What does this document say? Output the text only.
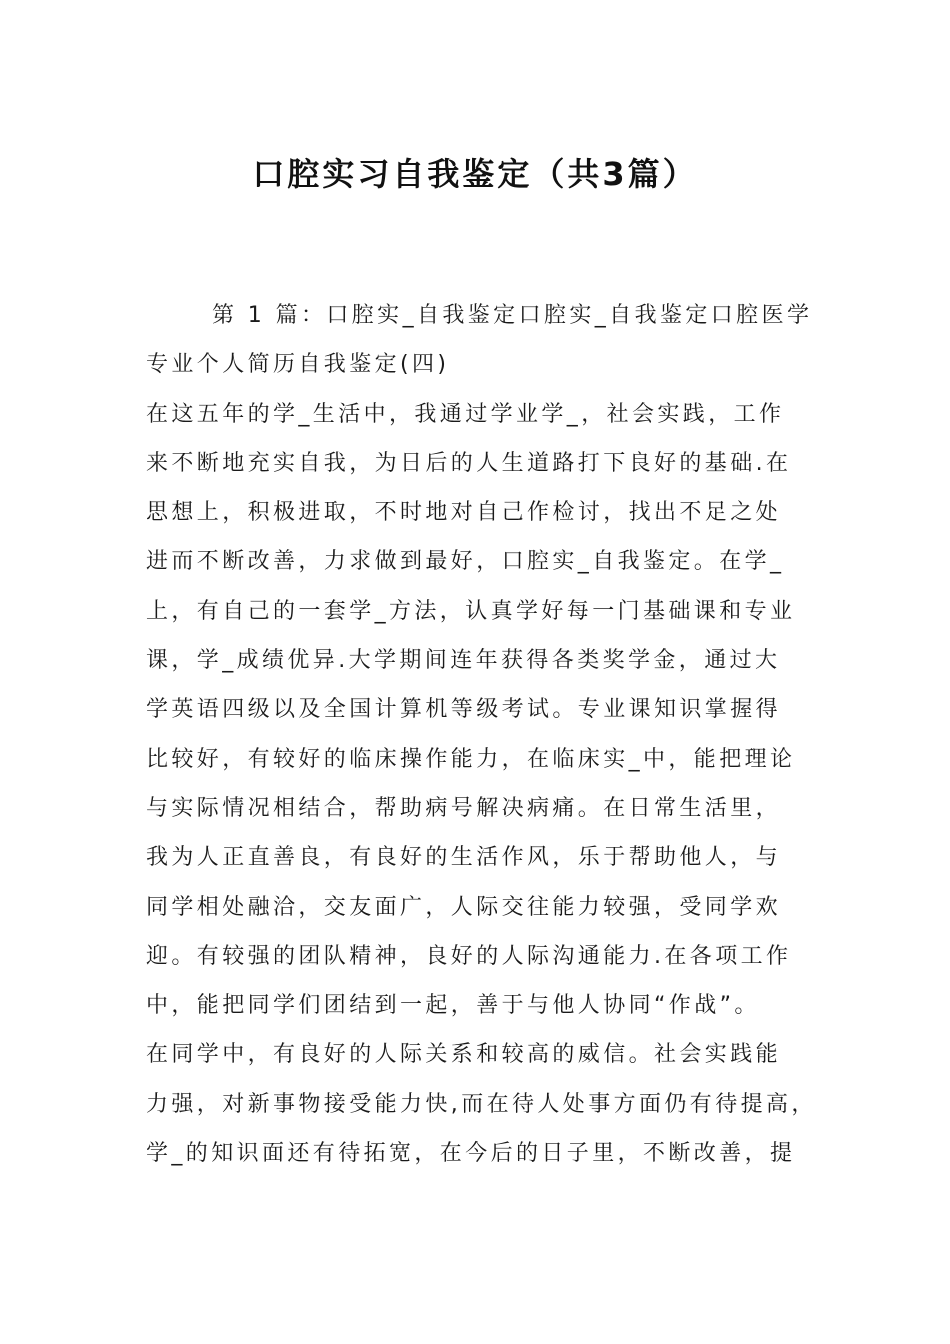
口腔实习自我鉴定（共3篇）
第 1 篇：口腔实_自我鉴定口腔实_自我鉴定口腔医学
专业个人简历自我鉴定(四)
在这五年的学_生活中，我通过学业学_，社会实践，工作
来不断地充实自我，为日后的人生道路打下良好的基础.在
思想上，积极进取，不时地对自己作检讨，找出不足之处
进而不断改善，力求做到最好，口腔实_自我鉴定。在学_
上，有自己的一套学_方法，认真学好每一门基础课和专业
课，学_成绩优异.大学期间连年获得各类奖学金，通过大
学英语四级以及全国计算机等级考试。专业课知识掌握得
比较好，有较好的临床操作能力，在临床实_中，能把理论
与实际情况相结合，帮助病号解决病痛。在日常生活里，
我为人正直善良，有良好的生活作风，乐于帮助他人，与
同学相处融洽，交友面广，人际交往能力较强，受同学欢
迎。有较强的团队精神，良好的人际沟通能力.在各项工作
中，能把同学们团结到一起，善于与他人协同“作战”。
在同学中，有良好的人际关系和较高的威信。社会实践能
力强，对新事物接受能力快,而在待人处事方面仍有待提高，
学_的知识面还有待拓宽，在今后的日子里，不断改善，提
